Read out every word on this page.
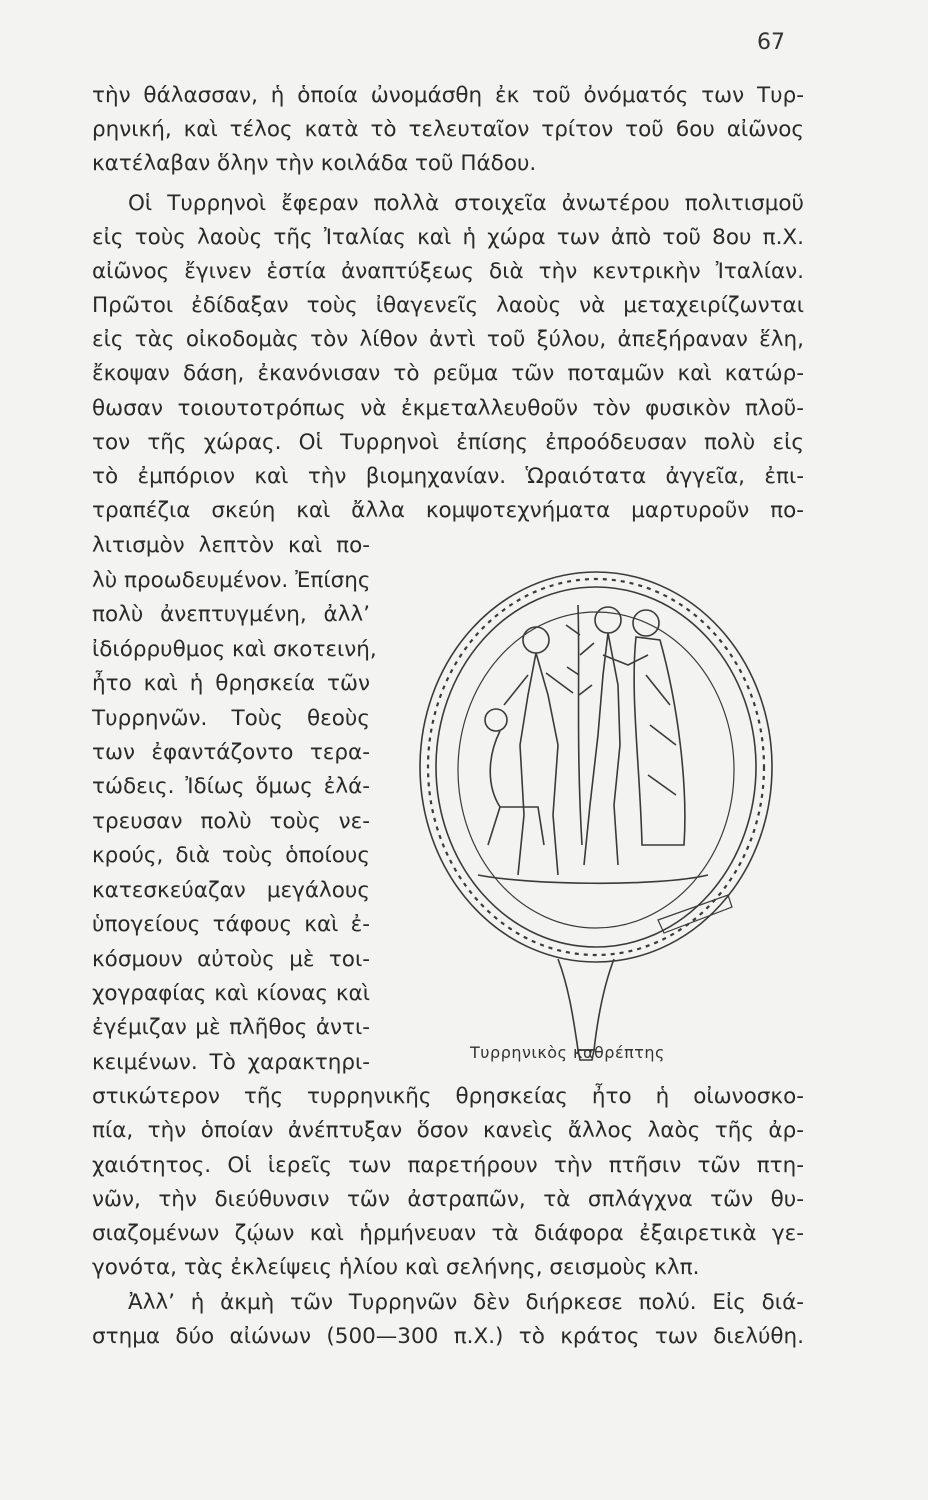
67
τὴν θάλασσαν, ἡ ὁποία ὠνομάσθη ἐκ τοῦ ὀνόματός των Τυρ-
ρηνική, καὶ τέλος κατὰ τὸ τελευταῖον τρίτον τοῦ 6ου αἰῶνος
κατέλαβαν ὅλην τὴν κοιλάδα τοῦ Πάδου.
Οἱ Τυρρηνοὶ ἔφεραν πολλὰ στοιχεῖα ἀνωτέρου πολιτισμοῦ
εἰς τοὺς λαοὺς τῆς Ἰταλίας καὶ ἡ χώρα των ἀπὸ τοῦ 8ου π.Χ.
αἰῶνος ἔγινεν ἑστία ἀναπτύξεως διὰ τὴν κεντρικὴν Ἰταλίαν.
Πρῶτοι ἐδίδαξαν τοὺς ἰθαγενεῖς λαοὺς νὰ μεταχειρίζωνται
εἰς τὰς οἰκοδομὰς τὸν λίθον ἀντὶ τοῦ ξύλου, ἀπεξήραναν ἕλη,
ἔκοψαν δάση, ἐκανόνισαν τὸ ρεῦμα τῶν ποταμῶν καὶ κατώρ-
θωσαν τοιουτοτρόπως νὰ ἐκμεταλλευθοῦν τὸν φυσικὸν πλοῦ-
τον τῆς χώρας. Οἱ Τυρρηνοὶ ἐπίσης ἐπροόδευσαν πολὺ εἰς
τὸ ἐμπόριον καὶ τὴν βιομηχανίαν. Ὡραιότατα ἀγγεῖα, ἐπι-
τραπέζια σκεύη καὶ ἄλλα κομψοτεχνήματα μαρτυροῦν πο-
λιτισμὸν λεπτὸν καὶ πο-
λὺ προωδευμένον. Ἐπίσης
πολὺ ἀνεπτυγμένη, ἀλλ’
ἰδιόρρυθμος καὶ σκοτεινή,
ἦτο καὶ ἡ θρησκεία τῶν
Τυρρηνῶν. Τοὺς θεοὺς
των ἐφαντάζοντο τερα-
τώδεις. Ἰδίως ὅμως ἐλά-
τρευσαν πολὺ τοὺς νε-
κρούς, διὰ τοὺς ὁποίους
κατεσκεύαζαν μεγάλους
ὑπογείους τάφους καὶ ἐ-
κόσμουν αὐτοὺς μὲ τοι-
χογραφίας καὶ κίονας καὶ
ἐγέμιζαν μὲ πλῆθος ἀντι-
κειμένων. Τὸ χαρακτηρι-
στικώτερον τῆς τυρρηνικῆς θρησκείας ἦτο ἡ οἰωνοσκο-
πία, τὴν ὁποίαν ἀνέπτυξαν ὅσον κανεὶς ἄλλος λαὸς τῆς ἀρ-
χαιότητος. Οἱ ἱερεῖς των παρετήρουν τὴν πτῆσιν τῶν πτη-
νῶν, τὴν διεύθυνσιν τῶν ἀστραπῶν, τὰ σπλάγχνα τῶν θυ-
σιαζομένων ζῴων καὶ ἡρμήνευαν τὰ διάφορα ἐξαιρετικὰ γε-
γονότα, τὰς ἐκλείψεις ἡλίου καὶ σελήνης, σεισμοὺς κλπ.
Ἀλλ’ ἡ ἀκμὴ τῶν Τυρρηνῶν δὲν διήρκεσε πολύ. Εἰς διά-
στημα δύο αἰώνων (500—300 π.Χ.) τὸ κράτος των διελύθη.
Τυρρηνικὸς καθρέπτης
